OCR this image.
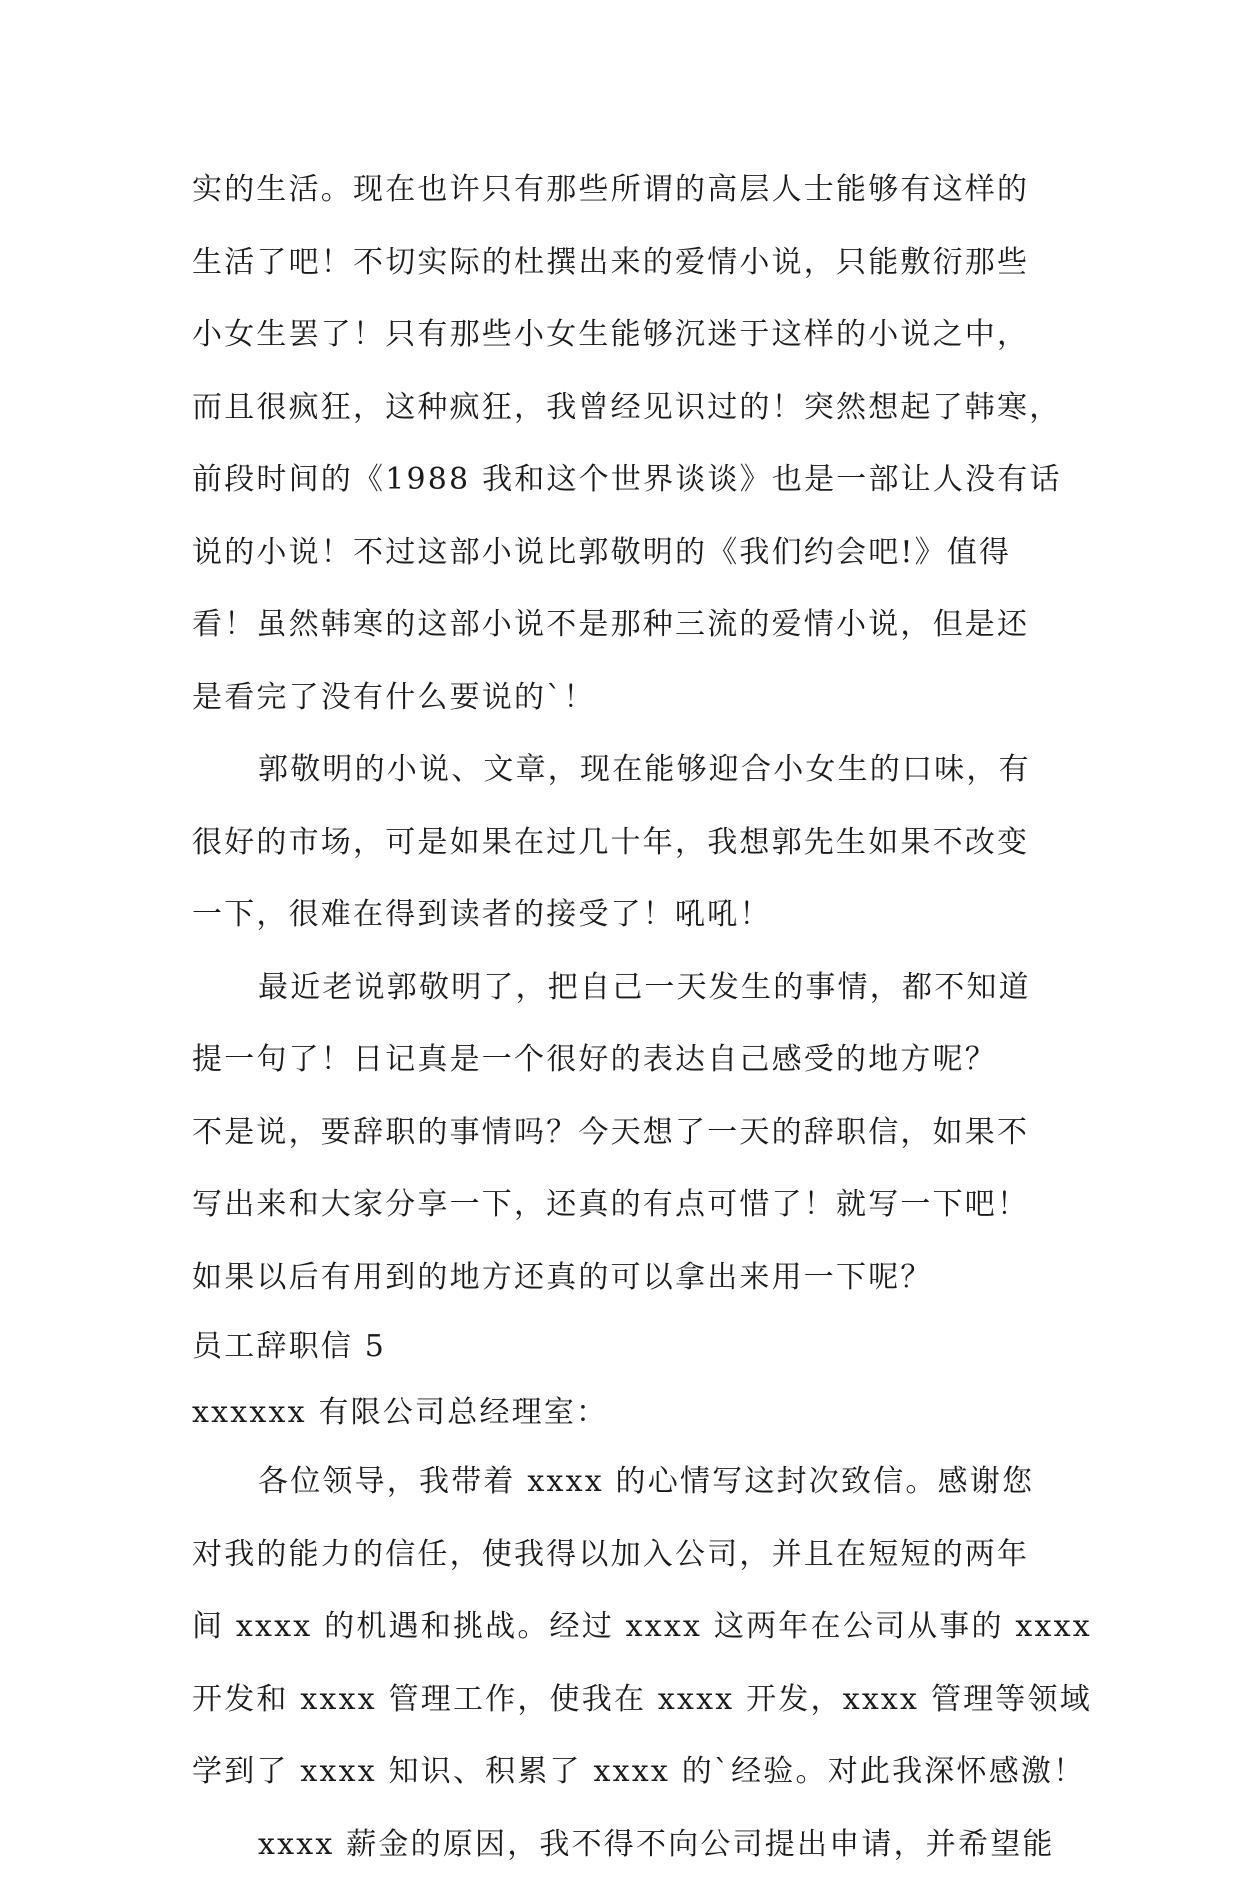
实的生活。现在也许只有那些所谓的高层人士能够有这样的
生活了吧！不切实际的杜撰出来的爱情小说，只能敷衍那些
小女生罢了！只有那些小女生能够沉迷于这样的小说之中，
而且很疯狂，这种疯狂，我曾经见识过的！突然想起了韩寒，
前段时间的《1988 我和这个世界谈谈》也是一部让人没有话
说的小说！不过这部小说比郭敬明的《我们约会吧!》值得
看！虽然韩寒的这部小说不是那种三流的爱情小说，但是还
是看完了没有什么要说的`！
郭敬明的小说、文章，现在能够迎合小女生的口味，有
很好的市场，可是如果在过几十年，我想郭先生如果不改变
一下，很难在得到读者的接受了！吼吼！
最近老说郭敬明了，把自己一天发生的事情，都不知道
提一句了！日记真是一个很好的表达自己感受的地方呢？
不是说，要辞职的事情吗？今天想了一天的辞职信，如果不
写出来和大家分享一下，还真的有点可惜了！就写一下吧！
如果以后有用到的地方还真的可以拿出来用一下呢？
员工辞职信 5
xxxxxx 有限公司总经理室：
各位领导，我带着 xxxx 的心情写这封次致信。感谢您
对我的能力的信任，使我得以加入公司，并且在短短的两年
间 xxxx 的机遇和挑战。经过 xxxx 这两年在公司从事的 xxxx
开发和 xxxx 管理工作，使我在 xxxx 开发，xxxx 管理等领域
学到了 xxxx 知识、积累了 xxxx 的`经验。对此我深怀感激！
xxxx 薪金的原因，我不得不向公司提出申请，并希望能
